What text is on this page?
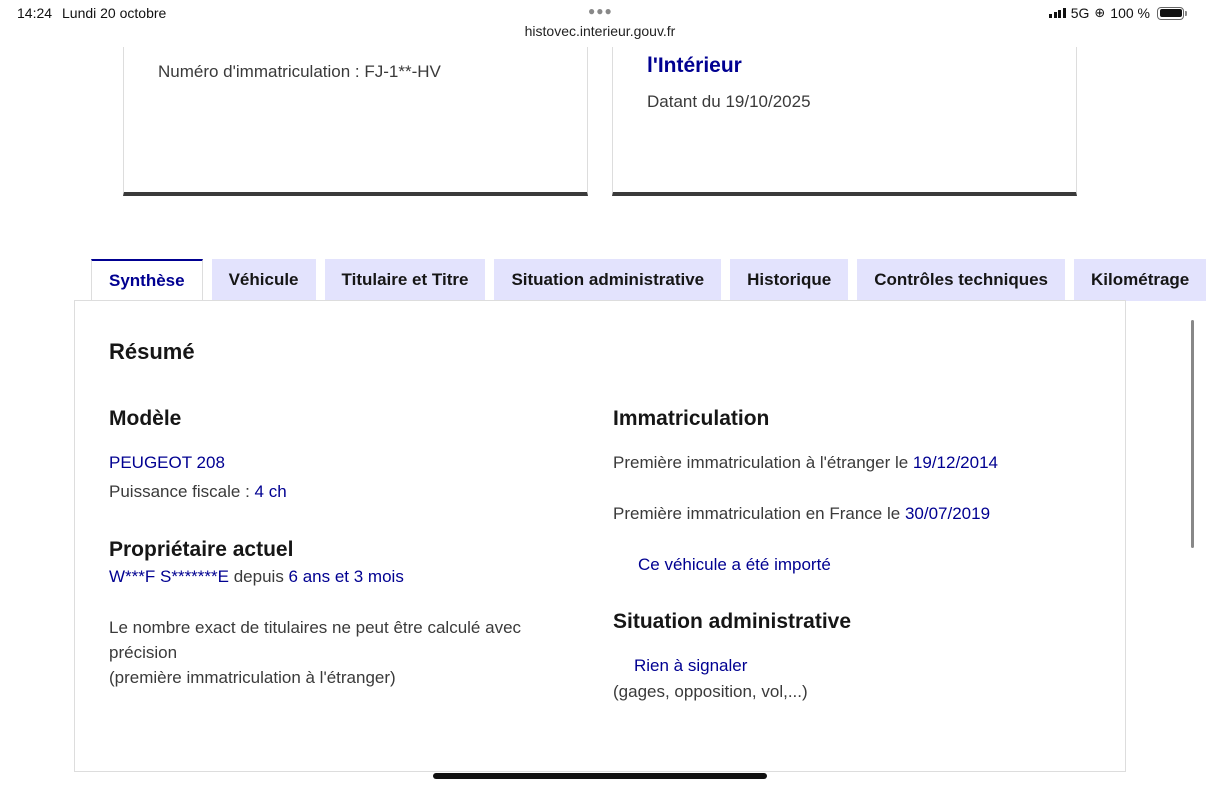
14:24 Lundi 20 octobre	●●●	5G ⊕ 100 %
histovec.interieur.gouv.fr
Numéro d'immatriculation : FJ-1**-HV	l'Intérieur
Datant du 19/10/2025
Synthèse	Véhicule	Titulaire et Titre	Situation administrative	Historique	Contrôles techniques	Kilométrage
Résumé
Modèle
PEUGEOT 208
Puissance fiscale : 4 ch
Propriétaire actuel
W***F S*******E depuis 6 ans et 3 mois
Le nombre exact de titulaires ne peut être calculé avec
précision
(première immatriculation à l'étranger)
Immatriculation
Première immatriculation à l'étranger le 19/12/2014
Première immatriculation en France le 30/07/2019
Ce véhicule a été importé
Situation administrative
Rien à signaler
(gages, opposition, vol,...)
